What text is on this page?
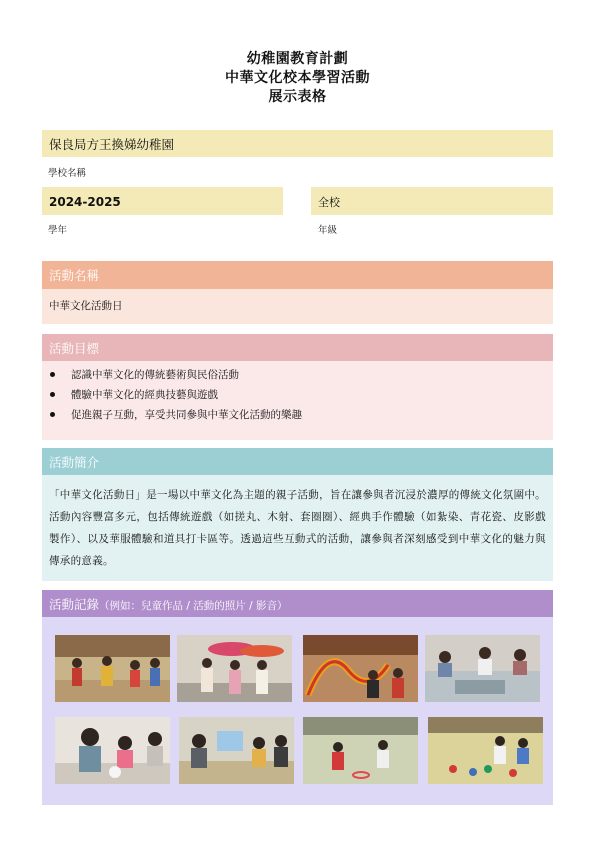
幼稚園教育計劃
中華文化校本學習活動
展示表格
保良局方王換娣幼稚園
學校名稱
2024-2025
學年
全校
年級
活動名稱
中華文化活動日
活動目標
認識中華文化的傳統藝術與民俗活動
體驗中華文化的經典技藝與遊戲
促進親子互動，享受共同參與中華文化活動的樂趣
活動簡介
「中華文化活動日」是一場以中華文化為主題的親子活動，旨在讓參與者沉浸於濃厚的傳統文化氛圍中。活動內容豐富多元，包括傳統遊戲（如搓丸、木射、套圈圈）、經典手作體驗（如紮染、青花瓷、皮影戲製作）、以及華服體驗和道具打卡區等。透過這些互動式的活動，讓參與者深刻感受到中華文化的魅力與傳承的意義。
活動記錄（例如：兒童作品 / 活動的照片 / 影音）
